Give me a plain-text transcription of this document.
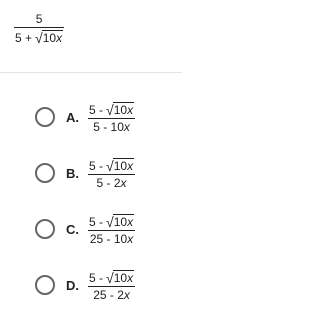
$\frac{5}{5 + √ 10x}$
A. $\frac{5 - √ 10x}{5 - 10 x}$
B. $\frac{5 - √ 10x}{5 - 2 x}$
C. $\frac{5 - √ 10x}{25 - 10 x}$
D. $\frac{5 - √ 10x}{25 - 2 x}$
